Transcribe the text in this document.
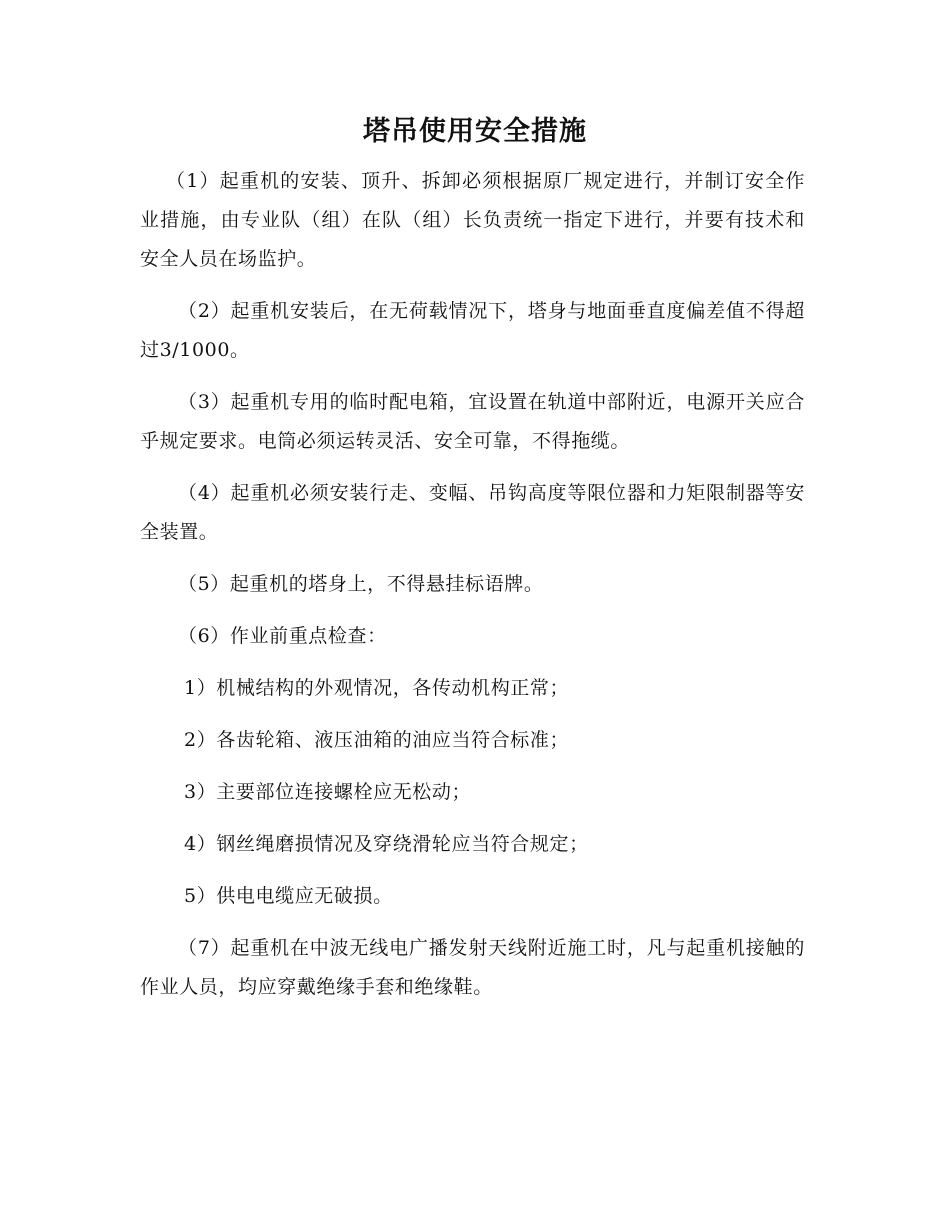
塔吊使用安全措施

（1）起重机的安装、顶升、拆卸必须根据原厂规定进行，并制订安全作业措施，由专业队（组）在队（组）长负责统一指定下进行，并要有技术和安全人员在场监护。

（2）起重机安装后，在无荷载情况下，塔身与地面垂直度偏差值不得超过3/1000。

（3）起重机专用的临时配电箱，宜设置在轨道中部附近，电源开关应合乎规定要求。电筒必须运转灵活、安全可靠，不得拖缆。

（4）起重机必须安装行走、变幅、吊钩高度等限位器和力矩限制器等安全装置。

（5）起重机的塔身上，不得悬挂标语牌。

（6）作业前重点检查：

1）机械结构的外观情况，各传动机构正常；

2）各齿轮箱、液压油箱的油应当符合标准；

3）主要部位连接螺栓应无松动；

4）钢丝绳磨损情况及穿绕滑轮应当符合规定；

5）供电电缆应无破损。

（7）起重机在中波无线电广播发射天线附近施工时，凡与起重机接触的作业人员，均应穿戴绝缘手套和绝缘鞋。
